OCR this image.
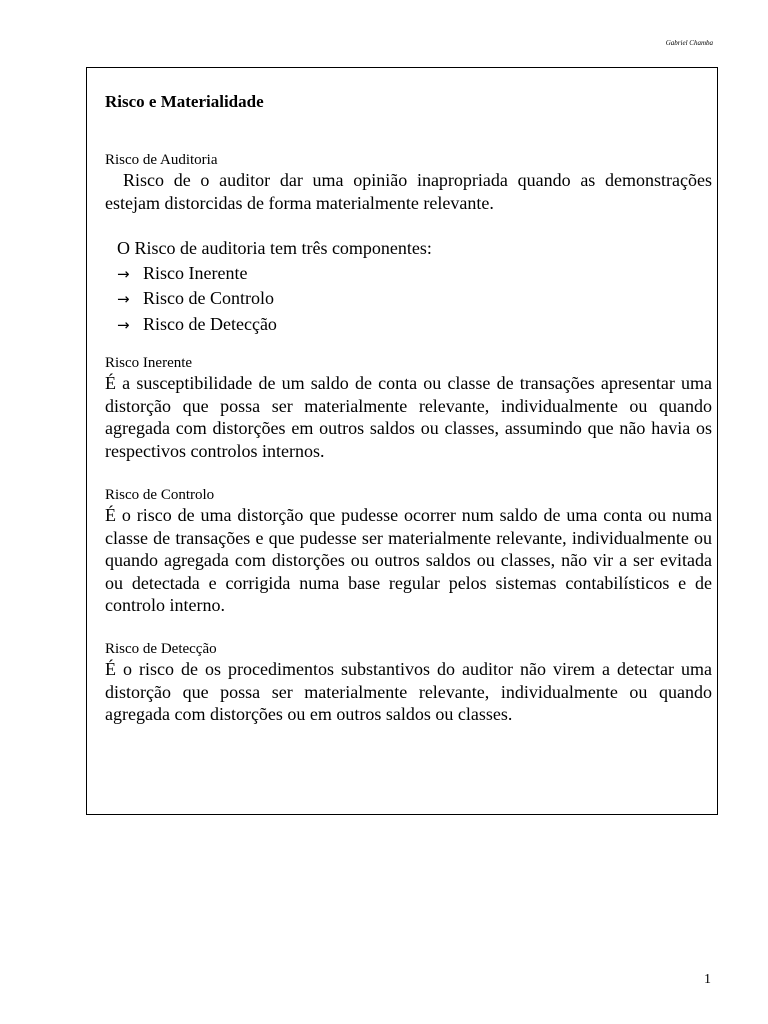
Gabriel Chamba
Risco e Materialidade

Risco de Auditoria

Risco de o auditor dar uma opinião inapropriada quando as demonstrações estejam distorcidas de forma materialmente relevante.

O Risco de auditoria tem três componentes:

→ Risco Inerente
→ Risco de Controlo
→ Risco de Detecção

Risco Inerente

É a susceptibilidade de um saldo de conta ou classe de transações apresentar uma distorção que possa ser materialmente relevante, individualmente ou quando agregada com distorções em outros saldos ou classes, assumindo que não havia os respectivos controlos internos.

Risco de Controlo

É o risco de uma distorção que pudesse ocorrer num saldo de uma conta ou numa classe de transações e que pudesse ser materialmente relevante, individualmente ou quando agregada com distorções ou outros saldos ou classes, não vir a ser evitada ou detectada e corrigida numa base regular pelos sistemas contabilísticos e de controlo interno.

Risco de Detecção

É o risco de os procedimentos substantivos do auditor não virem a detectar uma distorção que possa ser materialmente relevante, individualmente ou quando agregada com distorções ou em outros saldos ou classes.

1
